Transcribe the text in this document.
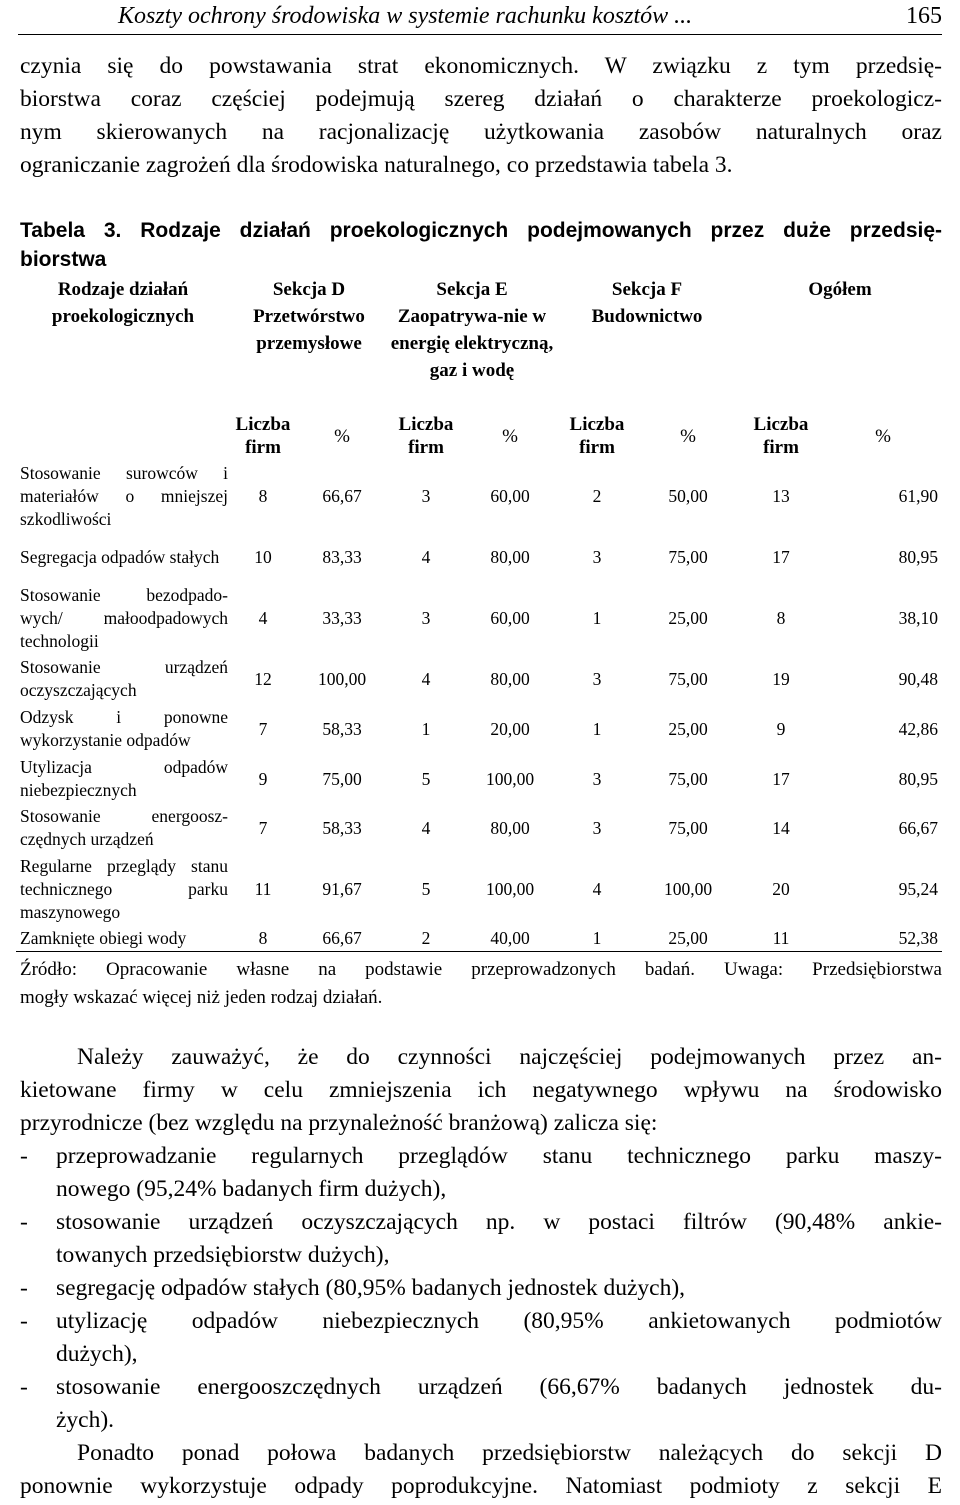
Koszty ochrony środowiska w systemie rachunku kosztów ...	165
czynia się do powstawania strat ekonomicznych. W związku z tym przedsię-
biorstwa coraz częściej podejmują szereg działań o charakterze proekologicz-
nym skierowanych na racjonalizację użytkowania zasobów naturalnych oraz
ograniczanie zagrożeń dla środowiska naturalnego, co przedstawia tabela 3.
Tabela 3. Rodzaje działań proekologicznych podejmowanych przez duże przedsię-
biorstwa
Rodzaje działań proekologicznych	Sekcja D Przetwórstwo przemysłowe		Sekcja E Zaopatrywa-nie w energię elektryczną, gaz i wodę		Sekcja F Budownictwo		Ogółem	
	Liczba firm	%	Liczba firm	%	Liczba firm	%	Liczba firm	%
Stosowanie surowców i materiałów o mniejszej szkodliwości	8	66,67	3	60,00	2	50,00	13	61,90
Segregacja odpadów stałych	10	83,33	4	80,00	3	75,00	17	80,95
Stosowanie bezodpado-wych/ małoodpadowych technologii	4	33,33	3	60,00	1	25,00	8	38,10
Stosowanie urządzeń oczyszczających	12	100,00	4	80,00	3	75,00	19	90,48
Odzysk i ponowne wykorzystanie odpadów	7	58,33	1	20,00	1	25,00	9	42,86
Utylizacja odpadów niebezpiecznych	9	75,00	5	100,00	3	75,00	17	80,95
Stosowanie energoosz-czędnych urządzeń	7	58,33	4	80,00	3	75,00	14	66,67
Regularne przeglądy stanu technicznego parku maszynowego	11	91,67	5	100,00	4	100,00	20	95,24
Zamknięte obiegi wody	8	66,67	2	40,00	1	25,00	11	52,38
Źródło: Opracowanie własne na podstawie przeprowadzonych badań. Uwaga: Przedsiębiorstwa
mogły wskazać więcej niż jeden rodzaj działań.
Należy zauważyć, że do czynności najczęściej podejmowanych przez an-
kietowane firmy w celu zmniejszenia ich negatywnego wpływu na środowisko
przyrodnicze (bez względu na przynależność branżową) zalicza się:
- przeprowadzanie regularnych przeglądów stanu technicznego parku maszy-
nowego (95,24% badanych firm dużych),
- stosowanie urządzeń oczyszczających np. w postaci filtrów (90,48% ankie-
towanych przedsiębiorstw dużych),
- segregację odpadów stałych (80,95% badanych jednostek dużych),
- utylizację odpadów niebezpiecznych (80,95% ankietowanych podmiotów
dużych),
- stosowanie energooszczędnych urządzeń (66,67% badanych jednostek du-
żych).
Ponadto ponad połowa badanych przedsiębiorstw należących do sekcji D
ponownie wykorzystuje odpady poprodukcyjne. Natomiast podmioty z sekcji E
